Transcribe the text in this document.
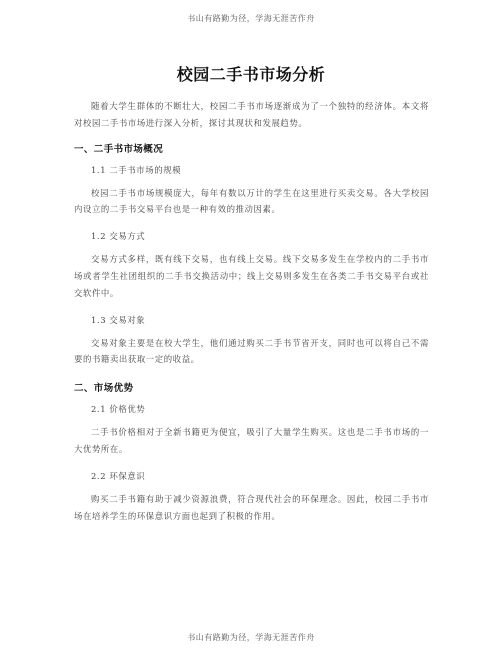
书山有路勤为径，学海无涯苦作舟
校园二手书市场分析

随着大学生群体的不断壮大，校园二手书市场逐渐成为了一个独特的经济体。本文将对校园二手书市场进行深入分析，探讨其现状和发展趋势。

一、二手书市场概况
1.1 二手书市场的规模

校园二手书市场规模庞大，每年有数以万计的学生在这里进行买卖交易。各大学校园内设立的二手书交易平台也是一种有效的推动因素。

1.2 交易方式

交易方式多样，既有线下交易，也有线上交易。线下交易多发生在学校内的二手书市场或者学生社团组织的二手书交换活动中；线上交易则多发生在各类二手书交易平台或社交软件中。

1.3 交易对象

交易对象主要是在校大学生，他们通过购买二手书节省开支，同时也可以将自己不需要的书籍卖出获取一定的收益。

二、市场优势
2.1 价格优势

二手书价格相对于全新书籍更为便宜，吸引了大量学生购买。这也是二手书市场的一大优势所在。

2.2 环保意识

购买二手书籍有助于减少资源浪费，符合现代社会的环保理念。因此，校园二手书市场在培养学生的环保意识方面也起到了积极的作用。

书山有路勤为径，学海无涯苦作舟
